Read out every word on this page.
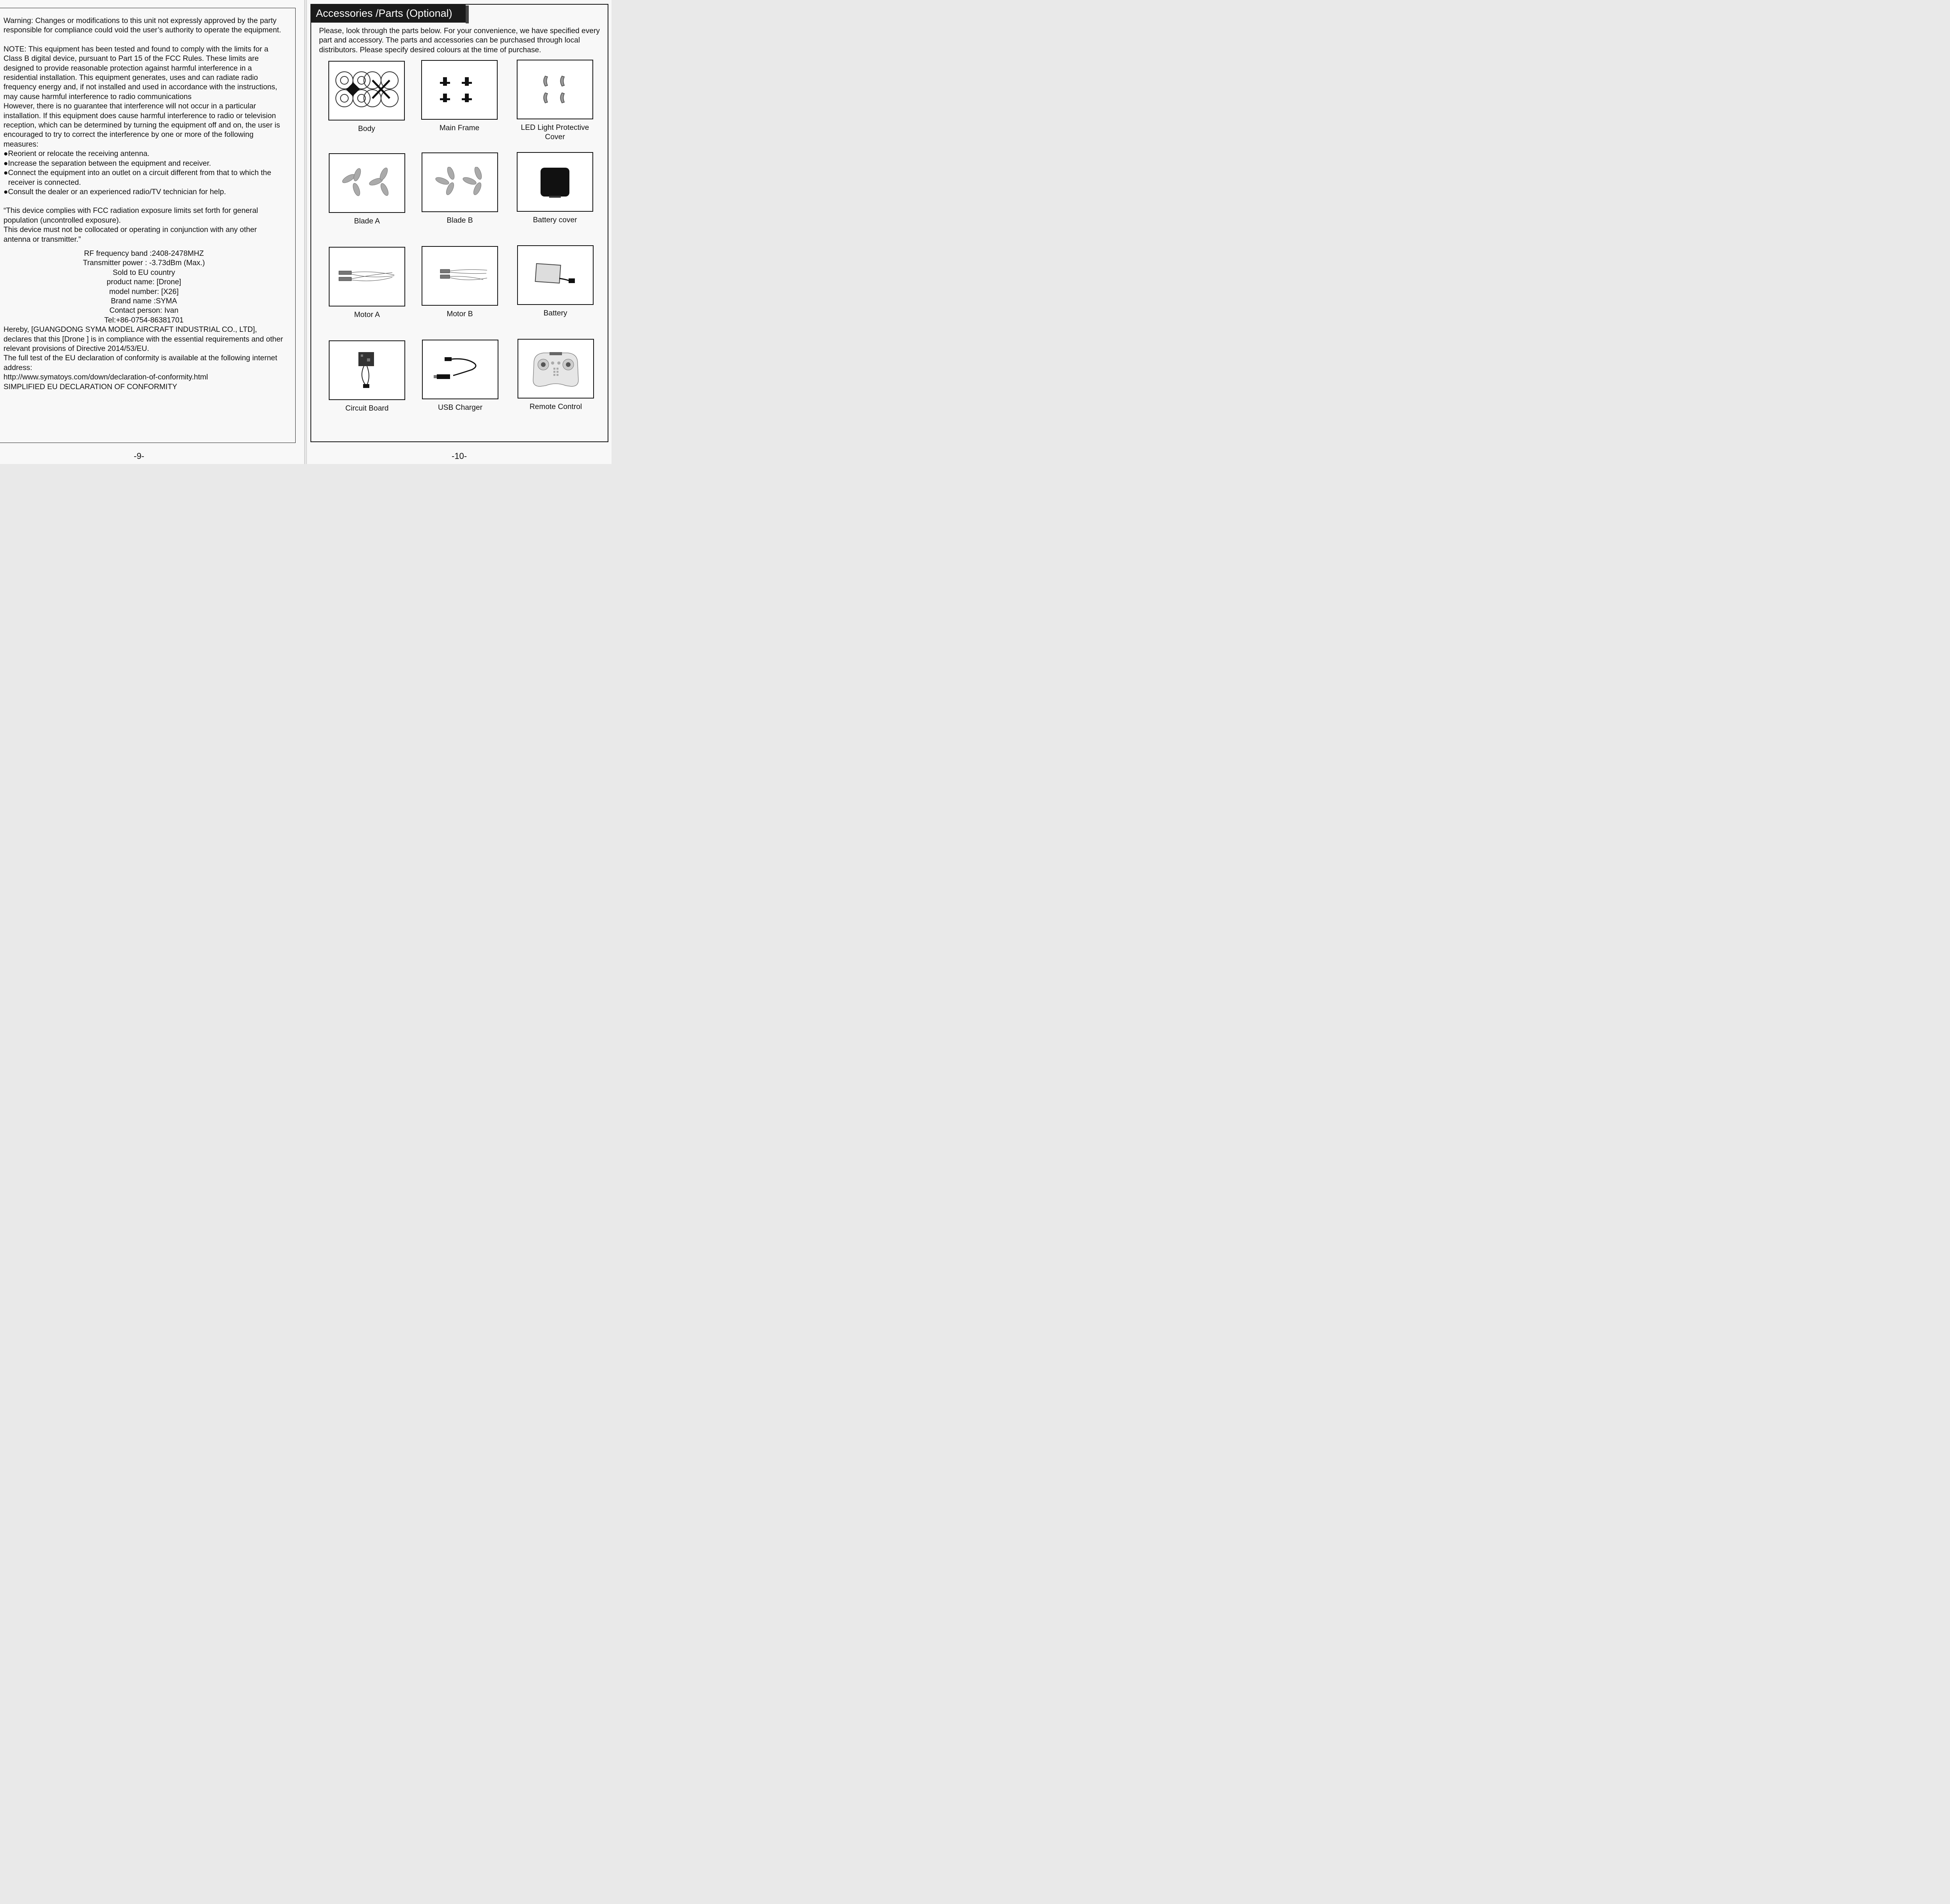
Warning: Changes or modifications to this unit not expressly approved by the party responsible for compliance could void the user’s authority to operate the equipment.

NOTE: This equipment has been tested and found to comply with the limits for a Class B digital device, pursuant to Part 15 of the FCC Rules. These limits are designed to provide reasonable protection against harmful interference in a residential installation. This equipment generates, uses and can radiate radio frequency energy and, if not installed and used in accordance with the instructions, may cause harmful interference to radio communications

However, there is no guarantee that interference will not occur in a particular installation. If this equipment does cause harmful interference to radio or television reception, which can be determined by turning the equipment off and on, the user is encouraged to try to correct the interference by one or more of the following measures:

●Reorient or relocate the receiving antenna.

●Increase the separation between the equipment and receiver.

●Connect the equipment into an outlet on a circuit different from that to which the receiver is connected.

●Consult the dealer or an experienced radio/TV technician for help.

“This device complies with FCC radiation exposure limits set forth for general population (uncontrolled exposure).

This device must not be collocated or operating in conjunction with any other antenna or transmitter.”

RF frequency band :2408-2478MHZ

Transmitter power : -3.73dBm (Max.)

Sold to EU country

product name: [Drone]

model number: [X26]

Brand name :SYMA

Contact person: Ivan

Tel:+86-0754-86381701

Hereby, [GUANGDONG SYMA MODEL AIRCRAFT INDUSTRIAL CO., LTD], declares that this [Drone ] is in compliance with the essential requirements and other relevant provisions of Directive 2014/53/EU.

The full test of the EU declaration of conformity is available at the following internet address:

http://www.symatoys.com/down/declaration-of-conformity.html

SIMPLIFIED EU DECLARATION OF CONFORMITY

-9-
Accessories /Parts (Optional)
Please, look through the parts below. For your convenience, we have specified every part and accessory. The parts and accessories can be purchased through local distributors. Please specify desired colours at the time of purchase.
Body	Main Frame	LED Light Protective Cover
Blade A	Blade B	Battery cover
Motor A	Motor B	Battery
Circuit Board	USB Charger	Remote Control
-10-
